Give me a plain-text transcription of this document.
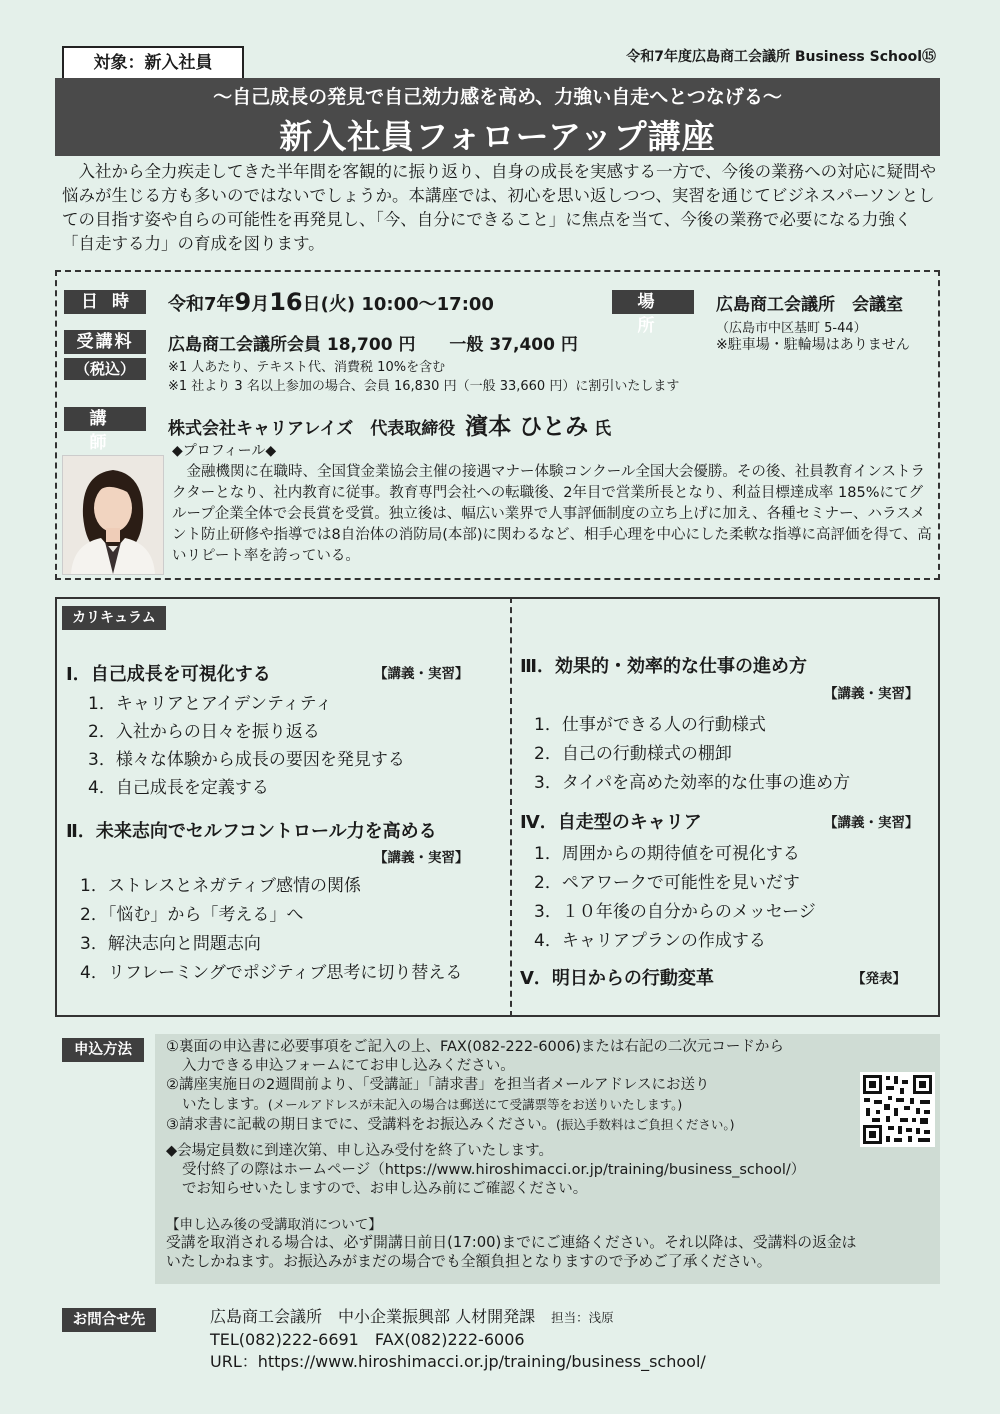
対象：新入社員	令和7年度広島商工会議所 Business School⑮
～自己成長の発見で自己効力感を高め、力強い自走へとつなげる～
新入社員フォローアップ講座
入社から全力疾走してきた半年間を客観的に振り返り、自身の成長を実感する一方で、今後の業務への対応に疑問や悩みが生じる方も多いのではないでしょうか。本講座では、初心を思い返しつつ、実習を通じてビジネスパーソンとしての目指す姿や自らの可能性を再発見し、「今、自分にできること」に焦点を当て、今後の業務で必要になる力強く「自走する力」の育成を図ります。
日時 令和7年9月16日(火) 10:00～17:00	場所
広島商工会議所　会議室
（広島市中区基町 5-44）
※駐車場・駐輪場はありません
受講料
（税込）
広島商工会議所会員 18,700 円　　一般 37,400 円
※1 人あたり、テキスト代、消費税 10%を含む
※1 社より 3 名以上参加の場合、会員 16,830 円（一般 33,660 円）に割引いたします
講師
株式会社キャリアレイズ　代表取締役 濱本 ひとみ 氏
◆プロフィール◆
金融機関に在職時、全国貸金業協会主催の接遇マナー体験コンクール全国大会優勝。その後、社員教育インストラクターとなり、社内教育に従事。教育専門会社への転職後、2年目で営業所長となり、利益目標達成率 185%にてグループ企業全体で会長賞を受賞。独立後は、幅広い業界で人事評価制度の立ち上げに加え、各種セミナー、ハラスメント防止研修や指導では8自治体の消防局(本部)に関わるなど、相手心理を中心にした柔軟な指導に高評価を得て、高いリピート率を誇っている。
カリキュラム
Ⅰ．自己成長を可視化する	【講義・実習】
1．キャリアとアイデンティティ
2．入社からの日々を振り返る
3．様々な体験から成長の要因を発見する
4．自己成長を定義する
Ⅱ．未来志向でセルフコントロール力を高める
【講義・実習】
1．ストレスとネガティブ感情の関係
2．「悩む」から「考える」へ
3．解決志向と問題志向
4．リフレーミングでポジティブ思考に切り替える
Ⅲ．効果的・効率的な仕事の進め方
【講義・実習】
1．仕事ができる人の行動様式
2．自己の行動様式の棚卸
3．タイパを高めた効率的な仕事の進め方
Ⅳ．自走型のキャリア	【講義・実習】
1．周囲からの期待値を可視化する
2．ペアワークで可能性を見いだす
3．１０年後の自分からのメッセージ
4．キャリアプランの作成する
Ⅴ．明日からの行動変革	【発表】
申込方法	①裏面の申込書に必要事項をご記入の上、FAX(082-222-6006)または右記の二次元コードから
入力できる申込フォームにてお申し込みください。
②講座実施日の2週間前より、「受講証」「請求書」を担当者メールアドレスにお送り
いたします。(メールアドレスが未記入の場合は郵送にて受講票等をお送りいたします。)
③請求書に記載の期日までに、受講料をお振込みください。(振込手数料はご負担ください。)
◆会場定員数に到達次第、申し込み受付を終了いたします。
受付終了の際はホームページ（https://www.hiroshimacci.or.jp/training/business_school/）
でお知らせいたしますので、お申し込み前にご確認ください。
【申し込み後の受講取消について】
受講を取消される場合は、必ず開講日前日(17:00)までにご連絡ください。それ以降は、受講料の返金は
いたしかねます。お振込みがまだの場合でも全額負担となりますので予めご了承ください。
お問合せ先	広島商工会議所　中小企業振興部 人材開発課　 担当：浅原
TEL(082)222-6691　FAX(082)222-6006
URL：https://www.hiroshimacci.or.jp/training/business_school/
